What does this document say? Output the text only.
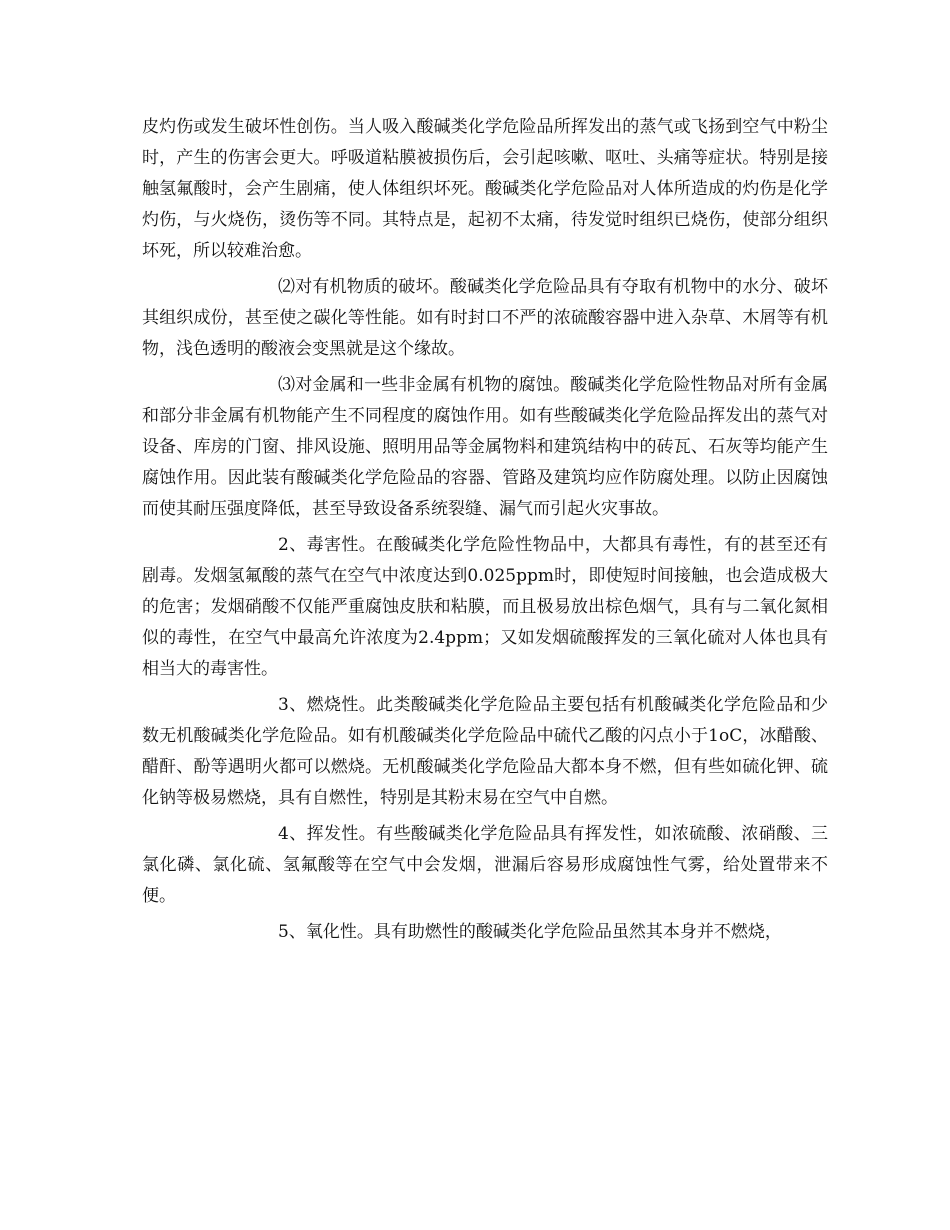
皮灼伤或发生破坏性创伤。当人吸入酸碱类化学危险品所挥发出的蒸气或飞扬到空气中粉尘时，产生的伤害会更大。呼吸道粘膜被损伤后，会引起咳嗽、呕吐、头痛等症状。特别是接触氢氟酸时，会产生剧痛，使人体组织坏死。酸碱类化学危险品对人体所造成的灼伤是化学灼伤，与火烧伤，烫伤等不同。其特点是，起初不太痛，待发觉时组织已烧伤，使部分组织坏死，所以较难治愈。

⑵对有机物质的破坏。酸碱类化学危险品具有夺取有机物中的水分、破坏其组织成份，甚至使之碳化等性能。如有时封口不严的浓硫酸容器中进入杂草、木屑等有机物，浅色透明的酸液会变黑就是这个缘故。

⑶对金属和一些非金属有机物的腐蚀。酸碱类化学危险性物品对所有金属和部分非金属有机物能产生不同程度的腐蚀作用。如有些酸碱类化学危险品挥发出的蒸气对设备、库房的门窗、排风设施、照明用品等金属物料和建筑结构中的砖瓦、石灰等均能产生腐蚀作用。因此装有酸碱类化学危险品的容器、管路及建筑均应作防腐处理。以防止因腐蚀而使其耐压强度降低，甚至导致设备系统裂缝、漏气而引起火灾事故。

2、毒害性。在酸碱类化学危险性物品中，大都具有毒性，有的甚至还有剧毒。发烟氢氟酸的蒸气在空气中浓度达到0.025ppm时，即使短时间接触，也会造成极大的危害；发烟硝酸不仅能严重腐蚀皮肤和粘膜，而且极易放出棕色烟气，具有与二氧化氮相似的毒性，在空气中最高允许浓度为2.4ppm；又如发烟硫酸挥发的三氧化硫对人体也具有相当大的毒害性。

3、燃烧性。此类酸碱类化学危险品主要包括有机酸碱类化学危险品和少数无机酸碱类化学危险品。如有机酸碱类化学危险品中硫代乙酸的闪点小于1oC，冰醋酸、醋酐、酚等遇明火都可以燃烧。无机酸碱类化学危险品大都本身不燃，但有些如硫化钾、硫化钠等极易燃烧，具有自燃性，特别是其粉末易在空气中自燃。

4、挥发性。有些酸碱类化学危险品具有挥发性，如浓硫酸、浓硝酸、三氯化磷、氯化硫、氢氟酸等在空气中会发烟，泄漏后容易形成腐蚀性气雾，给处置带来不便。

5、氧化性。具有助燃性的酸碱类化学危险品虽然其本身并不燃烧，
